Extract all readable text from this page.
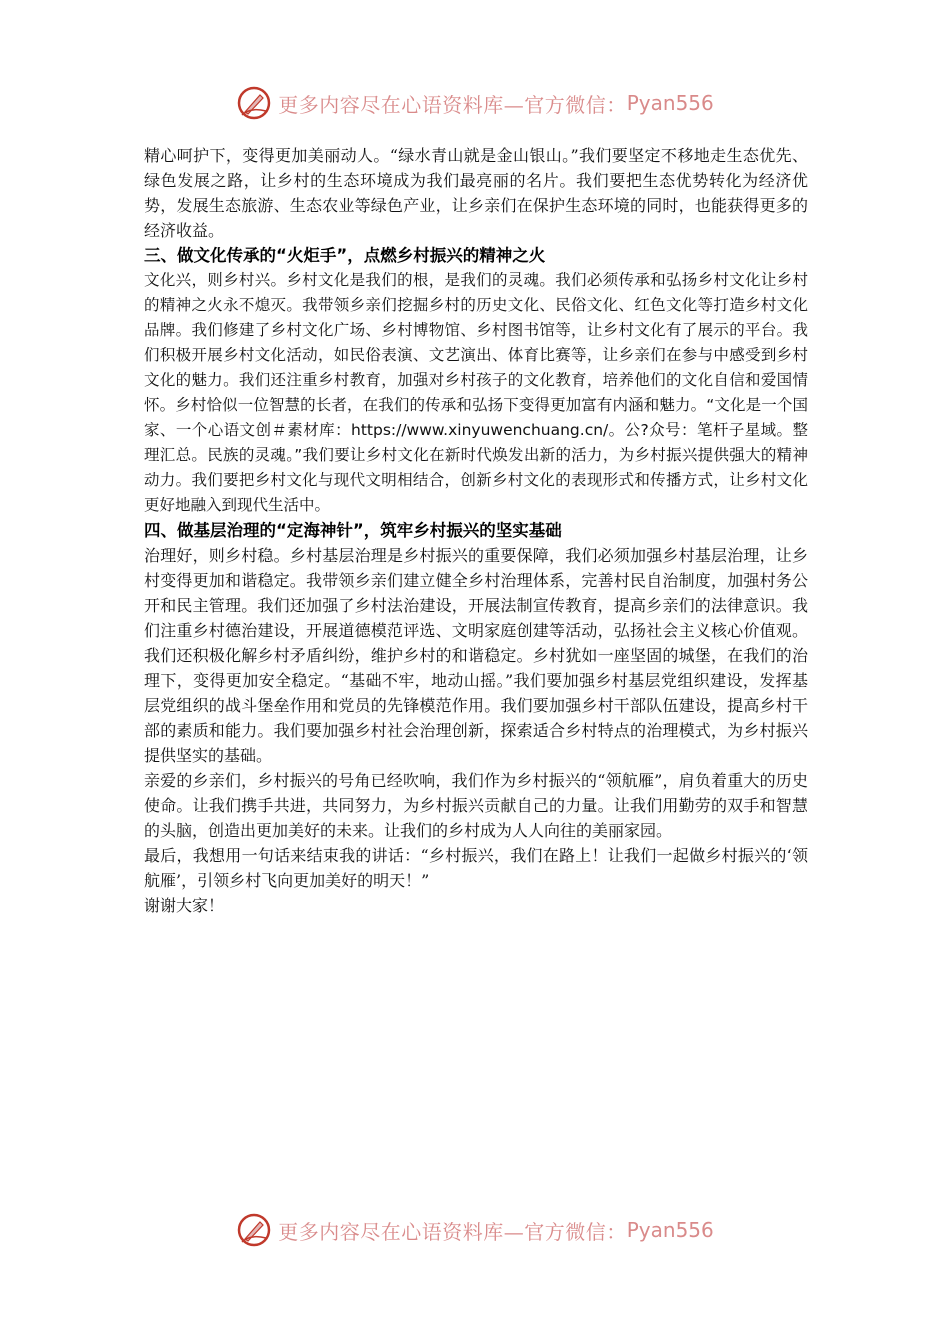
更多内容尽在心语资料库—官方微信： Pyan556

精心呵护下，变得更加美丽动人。“绿水青山就是金山银山。”我们要坚定不移地走生态优先、绿色发展之路，让乡村的生态环境成为我们最亮丽的名片。我们要把生态优势转化为经济优势，发展生态旅游、生态农业等绿色产业，让乡亲们在保护生态环境的同时，也能获得更多的经济收益。

三、做文化传承的“火炬手”，点燃乡村振兴的精神之火

文化兴，则乡村兴。乡村文化是我们的根，是我们的灵魂。我们必须传承和弘扬乡村文化让乡村的精神之火永不熄灭。我带领乡亲们挖掘乡村的历史文化、民俗文化、红色文化等打造乡村文化品牌。我们修建了乡村文化广场、乡村博物馆、乡村图书馆等，让乡村文化有了展示的平台。我们积极开展乡村文化活动，如民俗表演、文艺演出、体育比赛等，让乡亲们在参与中感受到乡村文化的魅力。我们还注重乡村教育，加强对乡村孩子的文化教育，培养他们的文化自信和爱国情怀。乡村恰似一位智慧的长者，在我们的传承和弘扬下变得更加富有内涵和魅力。“文化是一个国家、一个心语文创＃素材库：https://www.xinyuwenchuang.cn/。公?众号：笔杆子星域。整理汇总。民族的灵魂。”我们要让乡村文化在新时代焕发出新的活力，为乡村振兴提供强大的精神动力。我们要把乡村文化与现代文明相结合，创新乡村文化的表现形式和传播方式，让乡村文化更好地融入到现代生活中。

四、做基层治理的“定海神针”，筑牢乡村振兴的坚实基础

治理好，则乡村稳。乡村基层治理是乡村振兴的重要保障，我们必须加强乡村基层治理，让乡村变得更加和谐稳定。我带领乡亲们建立健全乡村治理体系，完善村民自治制度，加强村务公开和民主管理。我们还加强了乡村法治建设，开展法制宣传教育，提高乡亲们的法律意识。我们注重乡村德治建设，开展道德模范评选、文明家庭创建等活动，弘扬社会主义核心价值观。我们还积极化解乡村矛盾纠纷，维护乡村的和谐稳定。乡村犹如一座坚固的城堡，在我们的治理下，变得更加安全稳定。“基础不牢，地动山摇。”我们要加强乡村基层党组织建设，发挥基层党组织的战斗堡垒作用和党员的先锋模范作用。我们要加强乡村干部队伍建设，提高乡村干部的素质和能力。我们要加强乡村社会治理创新，探索适合乡村特点的治理模式，为乡村振兴提供坚实的基础。

亲爱的乡亲们，乡村振兴的号角已经吹响，我们作为乡村振兴的“领航雁”，肩负着重大的历史使命。让我们携手共进，共同努力，为乡村振兴贡献自己的力量。让我们用勤劳的双手和智慧的头脑，创造出更加美好的未来。让我们的乡村成为人人向往的美丽家园。

最后，我想用一句话来结束我的讲话：“乡村振兴，我们在路上！让我们一起做乡村振兴的‘领航雁’，引领乡村飞向更加美好的明天！”

谢谢大家！

更多内容尽在心语资料库—官方微信： Pyan556
